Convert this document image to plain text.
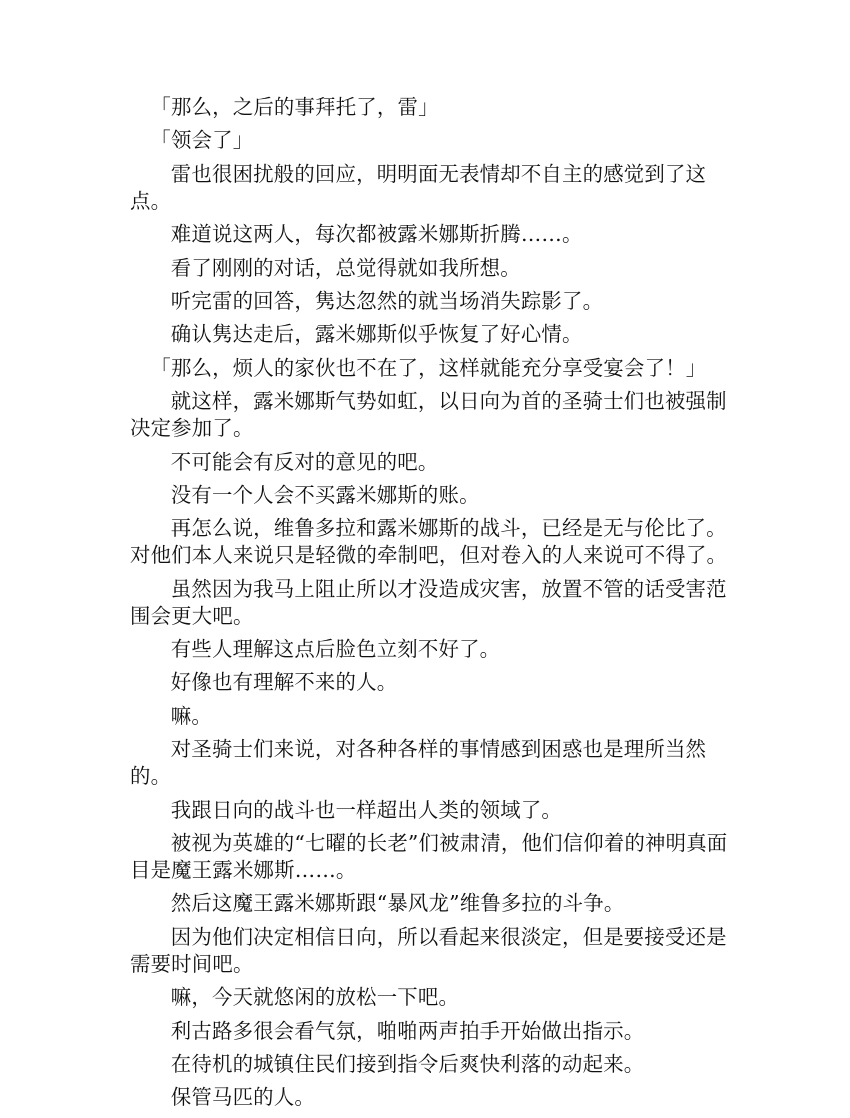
「那么，之后的事拜托了，雷」

「领会了」

雷也很困扰般的回应，明明面无表情却不自主的感觉到了这点。

难道说这两人，每次都被露米娜斯折腾……。

看了刚刚的对话，总觉得就如我所想。

听完雷的回答，隽达忽然的就当场消失踪影了。

确认隽达走后，露米娜斯似乎恢复了好心情。

「那么，烦人的家伙也不在了，这样就能充分享受宴会了！」

就这样，露米娜斯气势如虹，以日向为首的圣骑士们也被强制决定参加了。

不可能会有反对的意见的吧。

没有一个人会不买露米娜斯的账。

再怎么说，维鲁多拉和露米娜斯的战斗，已经是无与伦比了。对他们本人来说只是轻微的牵制吧，但对卷入的人来说可不得了。

虽然因为我马上阻止所以才没造成灾害，放置不管的话受害范围会更大吧。

有些人理解这点后脸色立刻不好了。

好像也有理解不来的人。

嘛。

对圣骑士们来说，对各种各样的事情感到困惑也是理所当然的。

我跟日向的战斗也一样超出人类的领域了。

被视为英雄的“七曜的长老”们被肃清，他们信仰着的神明真面目是魔王露米娜斯……。

然后这魔王露米娜斯跟“暴风龙”维鲁多拉的斗争。

因为他们决定相信日向，所以看起来很淡定，但是要接受还是需要时间吧。

嘛，今天就悠闲的放松一下吧。

利古路多很会看气氛，啪啪两声拍手开始做出指示。

在待机的城镇住民们接到指令后爽快利落的动起来。

保管马匹的人。
